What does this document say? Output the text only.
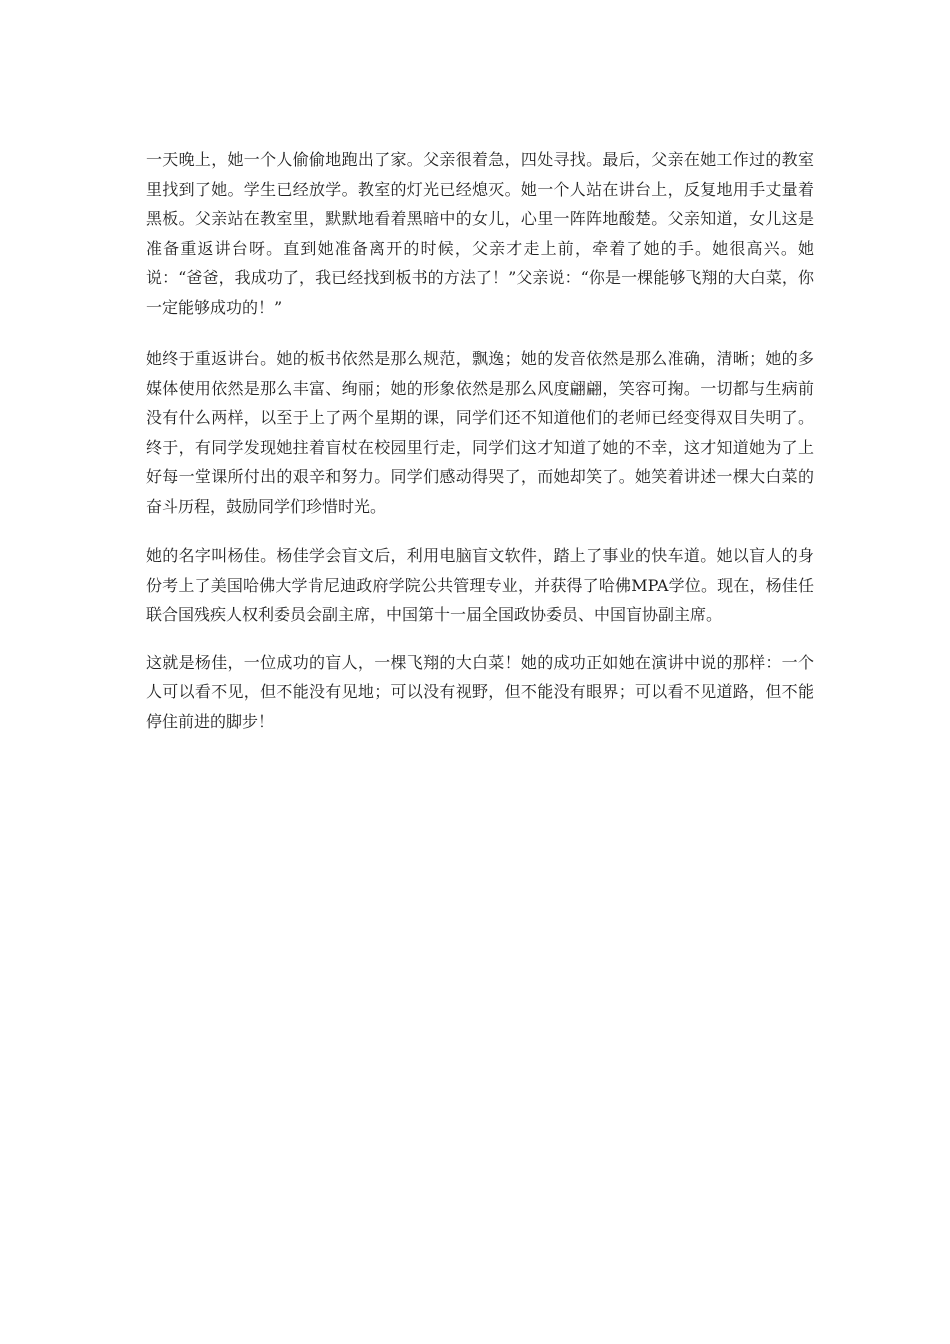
一天晚上，她一个人偷偷地跑出了家。父亲很着急，四处寻找。最后，父亲在她工作过的教室里找到了她。学生已经放学。教室的灯光已经熄灭。她一个人站在讲台上，反复地用手丈量着黑板。父亲站在教室里，默默地看着黑暗中的女儿，心里一阵阵地酸楚。父亲知道，女儿这是准备重返讲台呀。直到她准备离开的时候，父亲才走上前，牵着了她的手。她很高兴。她说：“爸爸，我成功了，我已经找到板书的方法了！”父亲说：“你是一棵能够飞翔的大白菜，你一定能够成功的！”

她终于重返讲台。她的板书依然是那么规范，飘逸；她的发音依然是那么准确，清晰；她的多媒体使用依然是那么丰富、绚丽；她的形象依然是那么风度翩翩，笑容可掬。一切都与生病前没有什么两样，以至于上了两个星期的课，同学们还不知道他们的老师已经变得双目失明了。终于，有同学发现她拄着盲杖在校园里行走，同学们这才知道了她的不幸，这才知道她为了上好每一堂课所付出的艰辛和努力。同学们感动得哭了，而她却笑了。她笑着讲述一棵大白菜的奋斗历程，鼓励同学们珍惜时光。

她的名字叫杨佳。杨佳学会盲文后，利用电脑盲文软件，踏上了事业的快车道。她以盲人的身份考上了美国哈佛大学肯尼迪政府学院公共管理专业，并获得了哈佛MPA学位。现在，杨佳任联合国残疾人权利委员会副主席，中国第十一届全国政协委员、中国盲协副主席。

这就是杨佳，一位成功的盲人，一棵飞翔的大白菜！她的成功正如她在演讲中说的那样：一个人可以看不见，但不能没有见地；可以没有视野，但不能没有眼界；可以看不见道路，但不能停住前进的脚步！
